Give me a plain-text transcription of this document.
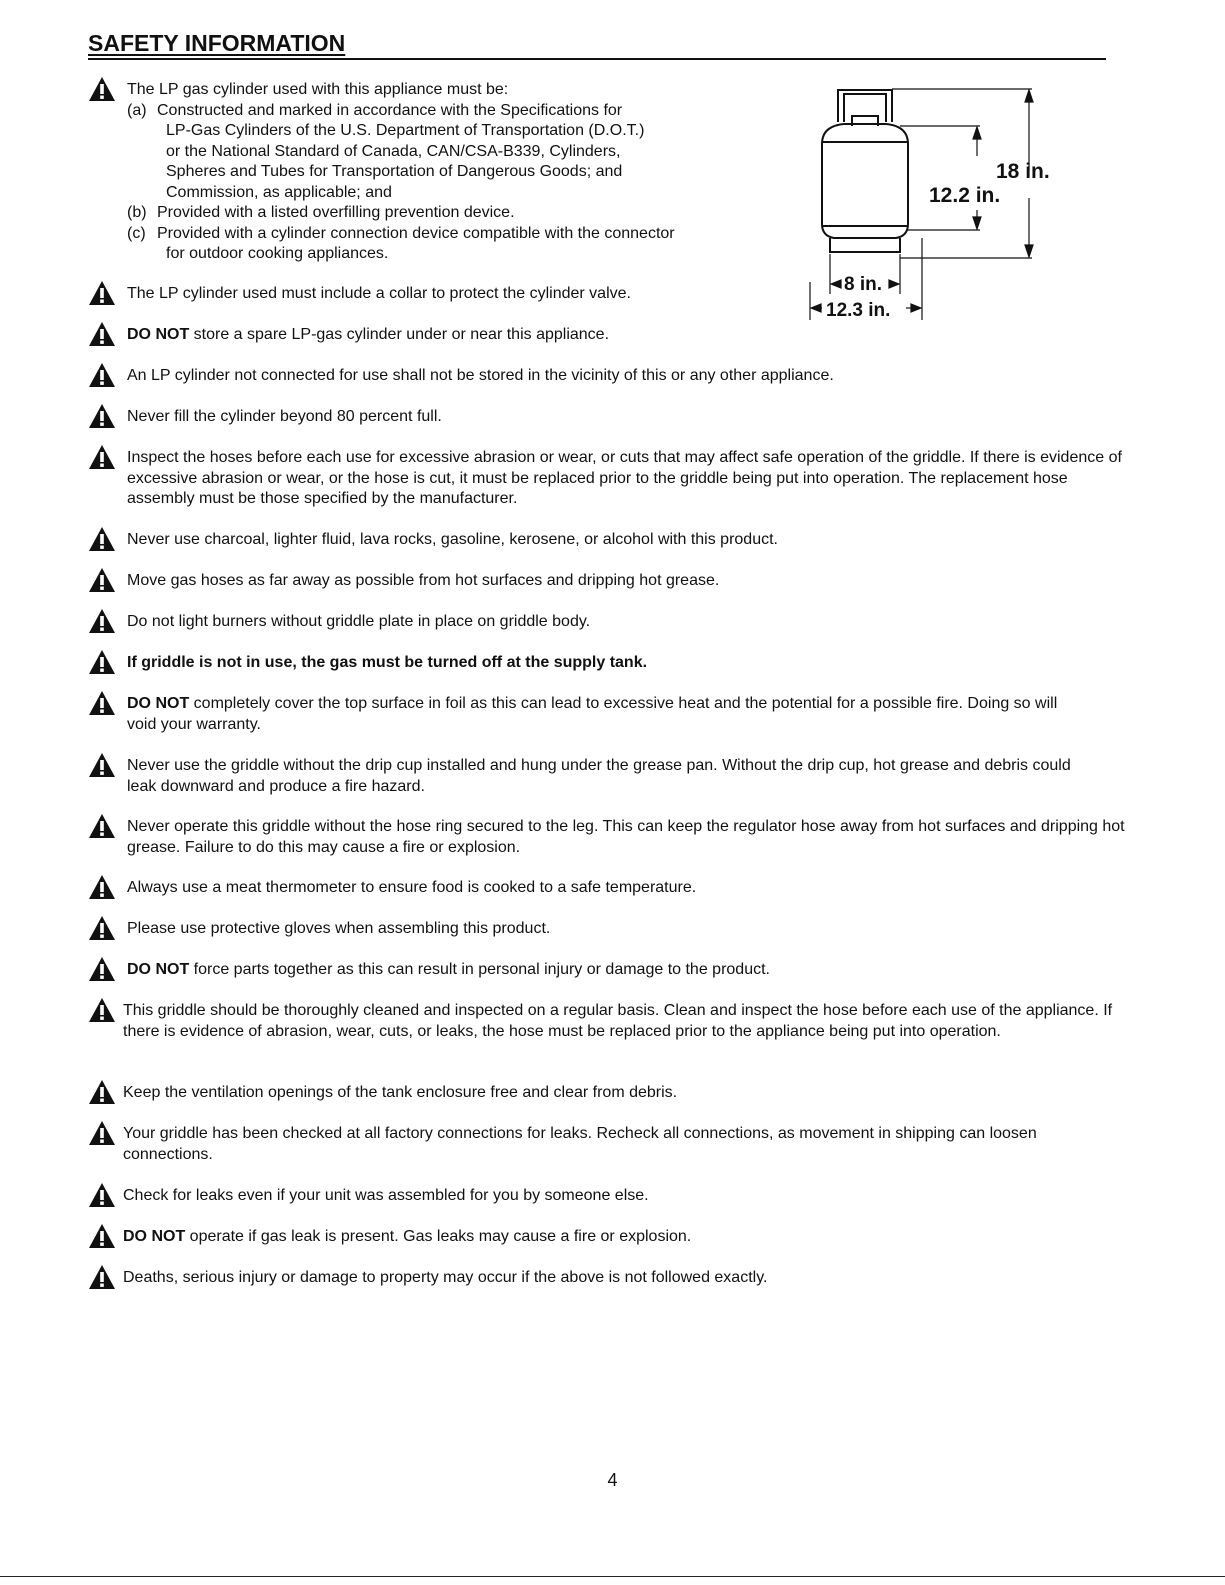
SAFETY INFORMATION
The LP gas cylinder used with this appliance must be:
(a) Constructed and marked in accordance with the Specifications for
LP-Gas Cylinders of the U.S. Department of Transportation (D.O.T.)
or the National Standard of Canada, CAN/CSA-B339, Cylinders,
Spheres and Tubes for Transportation of Dangerous Goods; and
Commission, as applicable; and
(b) Provided with a listed overfilling prevention device.
(c) Provided with a cylinder connection device compatible with the connector
for outdoor cooking appliances.
18 in.
12.2 in.
8 in.
12.3 in.
The LP cylinder used must include a collar to protect the cylinder valve.
DO NOT store a spare LP-gas cylinder under or near this appliance.
An LP cylinder not connected for use shall not be stored in the vicinity of this or any other appliance.
Never fill the cylinder beyond 80 percent full.
Inspect the hoses before each use for excessive abrasion or wear, or cuts that may affect safe operation of the griddle. If there is evidence of excessive abrasion or wear, or the hose is cut, it must be replaced prior to the griddle being put into operation. The replacement hose assembly must be those specified by the manufacturer.
Never use charcoal, lighter fluid, lava rocks, gasoline, kerosene, or alcohol with this product.
Move gas hoses as far away as possible from hot surfaces and dripping hot grease.
Do not light burners without griddle plate in place on griddle body.
If griddle is not in use, the gas must be turned off at the supply tank.
DO NOT completely cover the top surface in foil as this can lead to excessive heat and the potential for a possible fire. Doing so will void your warranty.
Never use the griddle without the drip cup installed and hung under the grease pan. Without the drip cup, hot grease and debris could leak downward and produce a fire hazard.
Never operate this griddle without the hose ring secured to the leg. This can keep the regulator hose away from hot surfaces and dripping hot grease. Failure to do this may cause a fire or explosion.
Always use a meat thermometer to ensure food is cooked to a safe temperature.
Please use protective gloves when assembling this product.
DO NOT force parts together as this can result in personal injury or damage to the product.
This griddle should be thoroughly cleaned and inspected on a regular basis. Clean and inspect the hose before each use of the appliance. If there is evidence of abrasion, wear, cuts, or leaks, the hose must be replaced prior to the appliance being put into operation.
Keep the ventilation openings of the tank enclosure free and clear from debris.
Your griddle has been checked at all factory connections for leaks. Recheck all connections, as movement in shipping can loosen connections.
Check for leaks even if your unit was assembled for you by someone else.
DO NOT operate if gas leak is present. Gas leaks may cause a fire or explosion.
Deaths, serious injury or damage to property may occur if the above is not followed exactly.
4
